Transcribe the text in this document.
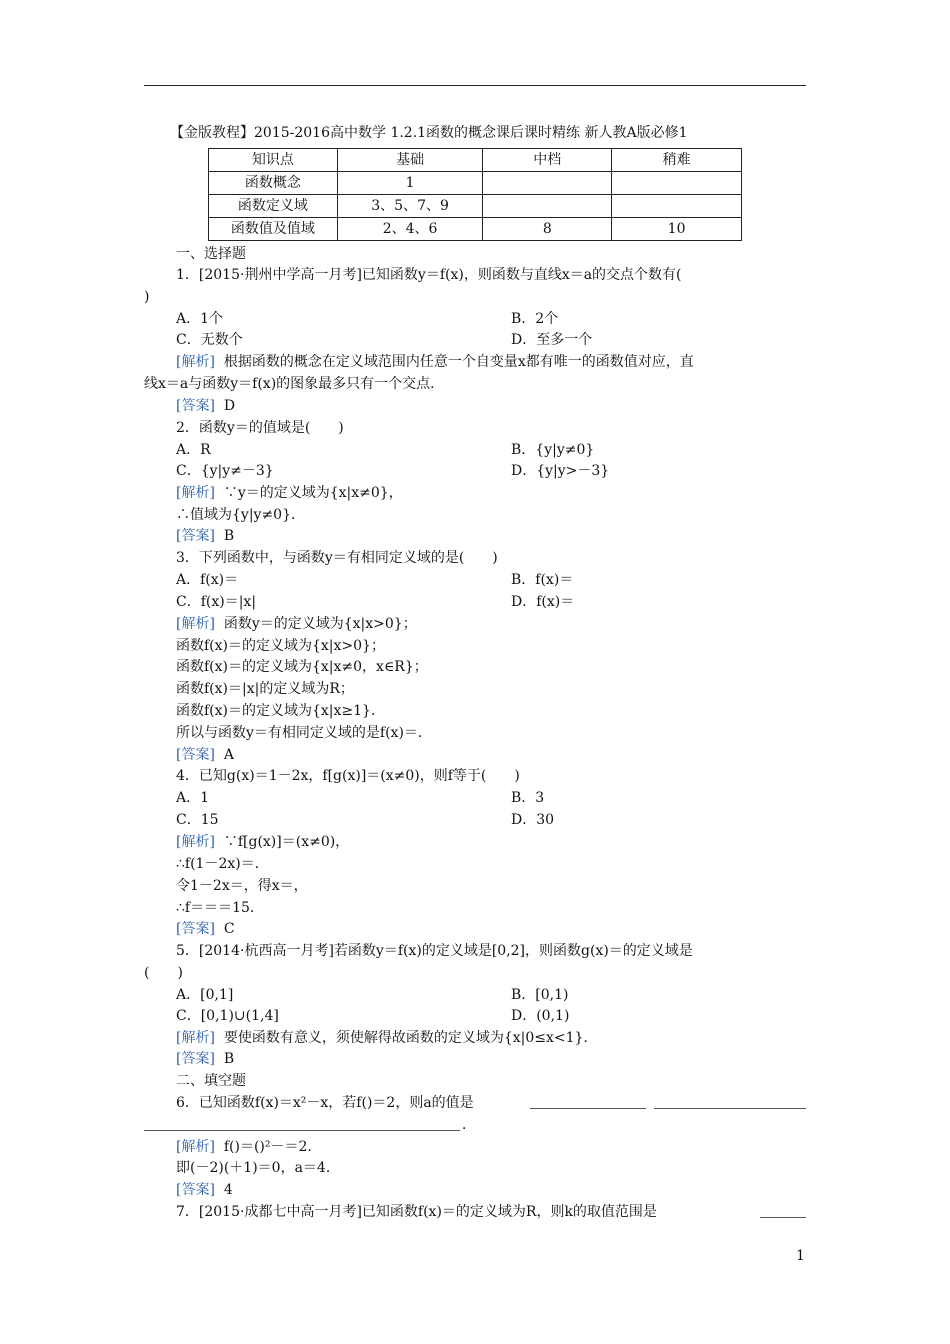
【金版教程】2015-2016高中数学 1.2.1函数的概念课后课时精练 新人教A版必修1
知识点	基础	中档	稍难
函数概念	1		
函数定义域	3、5、7、9		
函数值及值域	2、4、6	8	10
一、选择题
1．[2015·荆州中学高一月考]已知函数y＝f(x)，则函数与直线x＝a的交点个数有(
)
A．1个	B．2个
C．无数个	D．至多一个
[解析] 根据函数的概念在定义域范围内任意一个自变量x都有唯一的函数值对应，直
线x＝a与函数y＝f(x)的图象最多只有一个交点．
[答案] D
2．函数y＝的值域是(　　)
A．R	B．{y|y≠0}
C．{y|y≠－3}	D．{y|y>－3}
[解析] ∵y＝的定义域为{x|x≠0}，
∴值域为{y|y≠0}．
[答案] B
3．下列函数中，与函数y＝有相同定义域的是(　　)
A．f(x)＝	B．f(x)＝
C．f(x)＝|x|	D．f(x)＝
[解析] 函数y＝的定义域为{x|x>0}；
函数f(x)＝的定义域为{x|x>0}；
函数f(x)＝的定义域为{x|x≠0，x∈R}；
函数f(x)＝|x|的定义域为R；
函数f(x)＝的定义域为{x|x≥1}．
所以与函数y＝有相同定义域的是f(x)＝．
[答案] A
4．已知g(x)＝1－2x，f[g(x)]＝(x≠0)，则f等于(　　)
A．1	B．3
C．15	D．30
[解析] ∵f[g(x)]＝(x≠0)，
∴f(1－2x)＝．
令1－2x＝，得x＝，
∴f＝＝＝15．
[答案] C
5．[2014·杭西高一月考]若函数y＝f(x)的定义域是[0,2]，则函数g(x)＝的定义域是
(　　)
A．[0,1]	B．[0,1)
C．[0,1)∪(1,4]	D．(0,1)
[解析] 要使函数有意义，须使解得故函数的定义域为{x|0≤x<1}．
[答案] B
二、填空题
6．已知函数f(x)＝x²－x，若f()＝2，则a的值是
．
[解析] f()＝()²－＝2．
即(－2)(＋1)＝0，a＝4．
[答案] 4
7．[2015·成都七中高一月考]已知函数f(x)＝的定义域为R，则k的取值范围是
1
